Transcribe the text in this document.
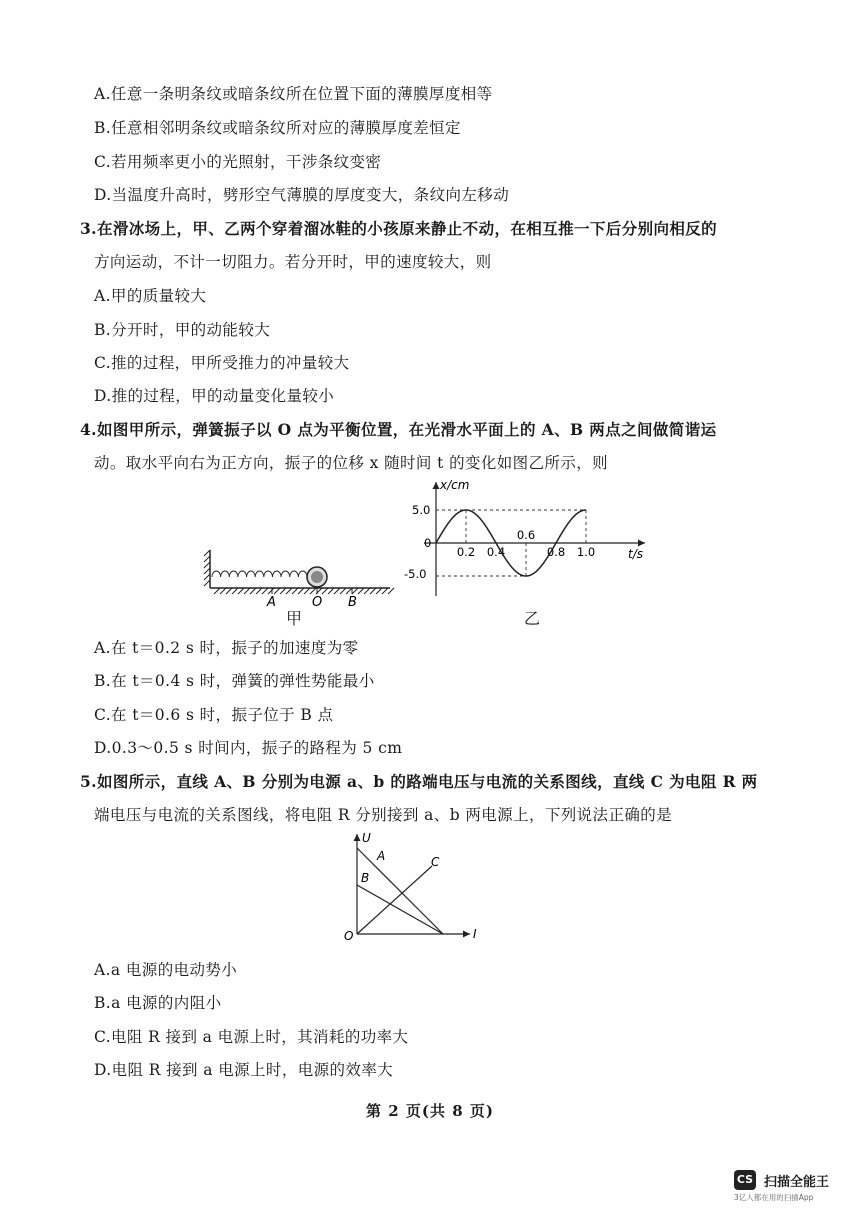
A.任意一条明条纹或暗条纹所在位置下面的薄膜厚度相等
B.任意相邻明条纹或暗条纹所对应的薄膜厚度差恒定
C.若用频率更小的光照射，干涉条纹变密
D.当温度升高时，劈形空气薄膜的厚度变大，条纹向左移动
3.在滑冰场上，甲、乙两个穿着溜冰鞋的小孩原来静止不动，在相互推一下后分别向相反的
方向运动，不计一切阻力。若分开时，甲的速度较大，则
A.甲的质量较大
B.分开时，甲的动能较大
C.推的过程，甲所受推力的冲量较大
D.推的过程，甲的动量变化量较小
4.如图甲所示，弹簧振子以 O 点为平衡位置，在光滑水平面上的 A、B 两点之间做简谐运
动。取水平向右为正方向，振子的位移 x 随时间 t 的变化如图乙所示，则
A	O B
甲
x/cm
t/s
5.0
-5.0
0
0.2 0.4
0.6
0.8 1.0
乙
A.在 t＝0.2 s 时，振子的加速度为零
B.在 t＝0.4 s 时，弹簧的弹性势能最小
C.在 t＝0.6 s 时，振子位于 B 点
D.0.3～0.5 s 时间内，振子的路程为 5 cm
5.如图所示，直线 A、B 分别为电源 a、b 的路端电压与电流的关系图线，直线 C 为电阻 R 两
端电压与电流的关系图线，将电阻 R 分别接到 a、b 两电源上，下列说法正确的是
U
I
O
A
B
C
A.a 电源的电动势小
B.a 电源的内阻小
C.电阻 R 接到 a 电源上时，其消耗的功率大
D.电阻 R 接到 a 电源上时，电源的效率大
第 2 页(共 8 页)
CS 扫描全能王
3亿人都在用的扫描App
